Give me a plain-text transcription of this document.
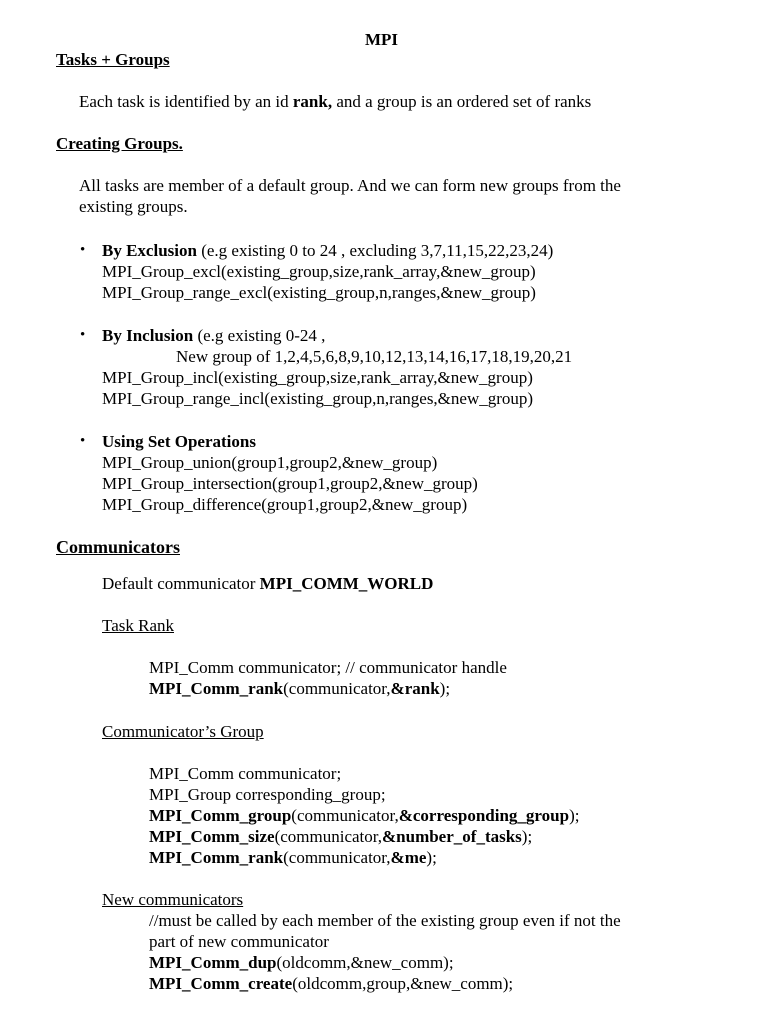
MPI
Tasks + Groups
Each task is identified by an id rank, and a group is an ordered set of ranks
Creating Groups.
All tasks are member of a default group. And we can form new groups from the
existing groups.
• By Exclusion (e.g existing 0 to 24 , excluding 3,7,11,15,22,23,24)
MPI_Group_excl(existing_group,size,rank_array,&new_group)
MPI_Group_range_excl(existing_group,n,ranges,&new_group)
• By Inclusion (e.g existing 0-24 ,
New group of 1,2,4,5,6,8,9,10,12,13,14,16,17,18,19,20,21
MPI_Group_incl(existing_group,size,rank_array,&new_group)
MPI_Group_range_incl(existing_group,n,ranges,&new_group)
• Using Set Operations
MPI_Group_union(group1,group2,&new_group)
MPI_Group_intersection(group1,group2,&new_group)
MPI_Group_difference(group1,group2,&new_group)
Communicators
Default communicator MPI_COMM_WORLD
Task Rank
MPI_Comm communicator; // communicator handle
MPI_Comm_rank(communicator,&rank);
Communicator’s Group
MPI_Comm communicator;
MPI_Group corresponding_group;
MPI_Comm_group(communicator,&corresponding_group);
MPI_Comm_size(communicator,&number_of_tasks);
MPI_Comm_rank(communicator,&me);
New communicators
//must be called by each member of the existing group even if not the
part of new communicator
MPI_Comm_dup(oldcomm,&new_comm);
MPI_Comm_create(oldcomm,group,&new_comm);
